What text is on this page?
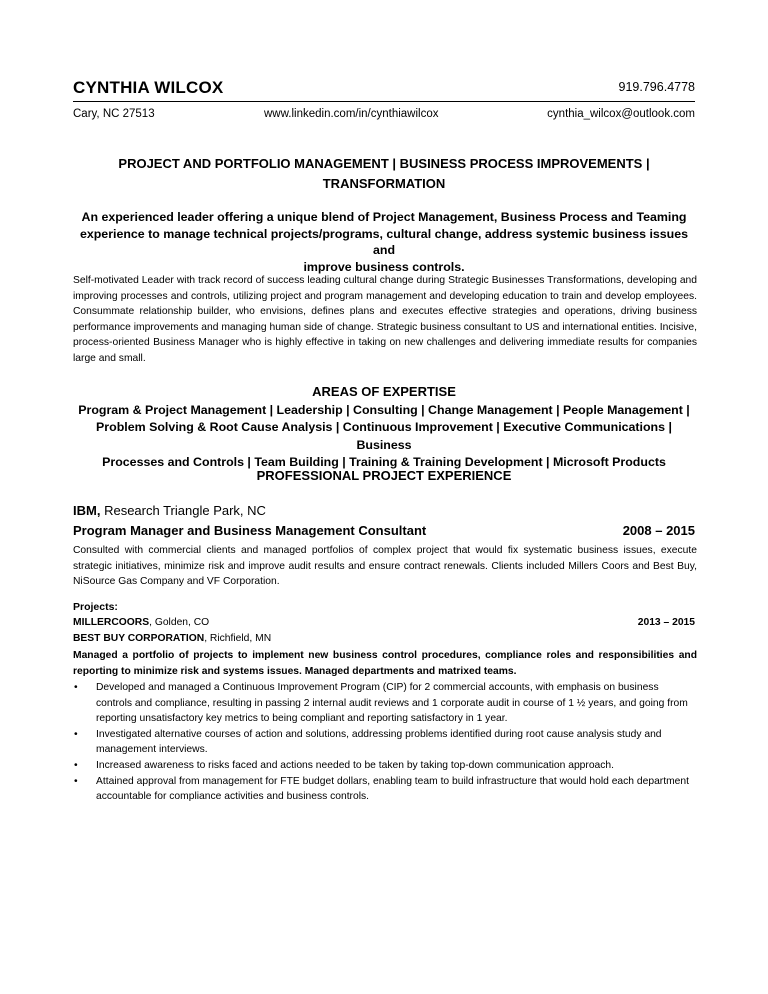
CYNTHIA WILCOX	919.796.4778
Cary, NC 27513	www.linkedin.com/in/cynthiawilcox	cynthia_wilcox@outlook.com
PROJECT AND PORTFOLIO MANAGEMENT | BUSINESS PROCESS IMPROVEMENTS |
TRANSFORMATION
An experienced leader offering a unique blend of Project Management, Business Process and Teaming
experience to manage technical projects/programs, cultural change, address systemic business issues and
improve business controls.
Self-motivated Leader with track record of success leading cultural change during Strategic Businesses Transformations, developing and improving processes and controls, utilizing project and program management and developing education to train and develop employees. Consummate relationship builder, who envisions, defines plans and executes effective strategies and operations, driving business performance improvements and managing human side of change. Strategic business consultant to US and international entities. Incisive, process-oriented Business Manager who is highly effective in taking on new challenges and delivering immediate results for companies large and small.
AREAS OF EXPERTISE
Program & Project Management | Leadership | Consulting | Change Management | People Management |
Problem Solving & Root Cause Analysis | Continuous Improvement | Executive Communications | Business
Processes and Controls | Team Building | Training & Training Development | Microsoft Products
PROFESSIONAL PROJECT EXPERIENCE
IBM, Research Triangle Park, NC
Program Manager and Business Management Consultant	2008 – 2015
Consulted with commercial clients and managed portfolios of complex project that would fix systematic business issues, execute strategic initiatives, minimize risk and improve audit results and ensure contract renewals. Clients included Millers Coors and Best Buy, NiSource Gas Company and VF Corporation.
Projects:
MILLERCOORS, Golden, CO	2013 – 2015
BEST BUY CORPORATION, Richfield, MN
Managed a portfolio of projects to implement new business control procedures, compliance roles and responsibilities and reporting to minimize risk and systems issues. Managed departments and matrixed teams.
• Developed and managed a Continuous Improvement Program (CIP) for 2 commercial accounts, with emphasis on business controls and compliance, resulting in passing 2 internal audit reviews and 1 corporate audit in course of 1 ½ years, and going from reporting unsatisfactory key metrics to being compliant and reporting satisfactory in 1 year.
• Investigated alternative courses of action and solutions, addressing problems identified during root cause analysis study and management interviews.
• Increased awareness to risks faced and actions needed to be taken by taking top-down communication approach.
• Attained approval from management for FTE budget dollars, enabling team to build infrastructure that would hold each department accountable for compliance activities and business controls.
